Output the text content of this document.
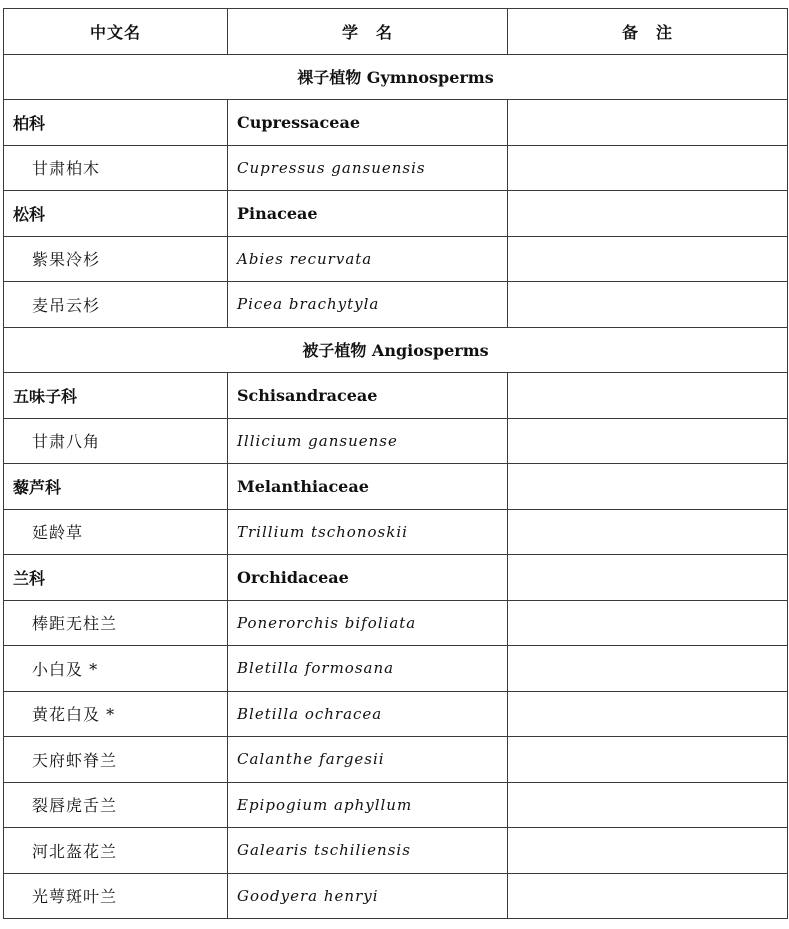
中文名	学　名	备　注
裸子植物 Gymnosperms		
柏科	Cupressaceae	
甘肃柏木	Cupressus gansuensis	
松科	Pinaceae	
紫果冷杉	Abies recurvata	
麦吊云杉	Picea brachytyla	
被子植物 Angiosperms		
五味子科	Schisandraceae	
甘肃八角	Illicium gansuense	
藜芦科	Melanthiaceae	
延龄草	Trillium tschonoskii	
兰科	Orchidaceae	
棒距无柱兰	Ponerorchis bifoliata	
小白及 *	Bletilla formosana	
黄花白及 *	Bletilla ochracea	
天府虾脊兰	Calanthe fargesii	
裂唇虎舌兰	Epipogium aphyllum	
河北盔花兰	Galearis tschiliensis	
光萼斑叶兰	Goodyera henryi	
